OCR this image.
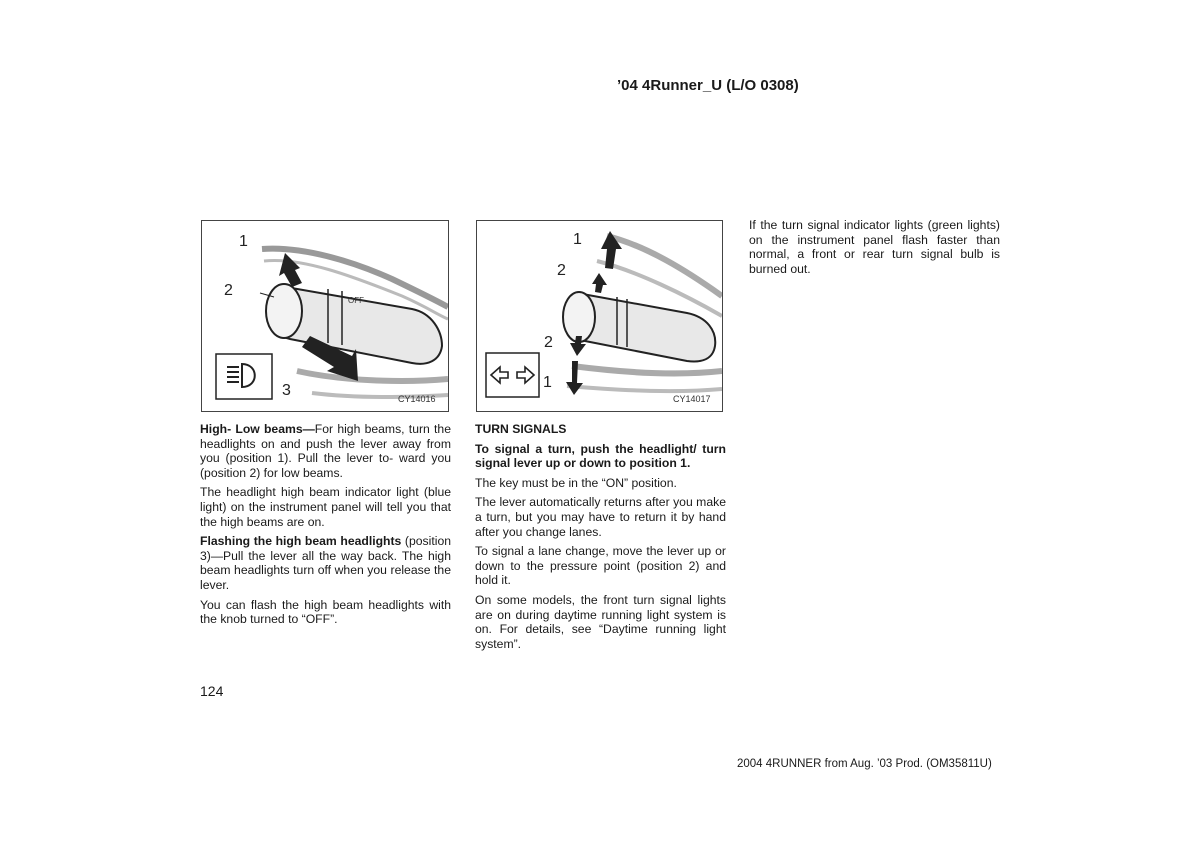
’04 4Runner_U (L/O 0308)
OFF
1
2
3	CY14016
1
2
2
1
CY14017

High- Low beams—For high beams, turn the headlights on and push the lever away from you (position 1). Pull the lever to- ward you (position 2) for low beams.

The headlight high beam indicator light (blue light) on the instrument panel will tell you that the high beams are on.

Flashing the high beam headlights (position 3)—Pull the lever all the way back. The high beam headlights turn off when you release the lever.

You can flash the high beam headlights with the knob turned to “OFF”.

TURN SIGNALS

To signal a turn, push the headlight/ turn signal lever up or down to position 1.

The key must be in the “ON” position.

The lever automatically returns after you make a turn, but you may have to return it by hand after you change lanes.

To signal a lane change, move the lever up or down to the pressure point (position 2) and hold it.

On some models, the front turn signal lights are on during daytime running light system is on. For details, see “Daytime running light system”.

If the turn signal indicator lights (green lights) on the instrument panel flash faster than normal, a front or rear turn signal bulb is burned out.

124
2004 4RUNNER from Aug. ’03 Prod. (OM35811U)
